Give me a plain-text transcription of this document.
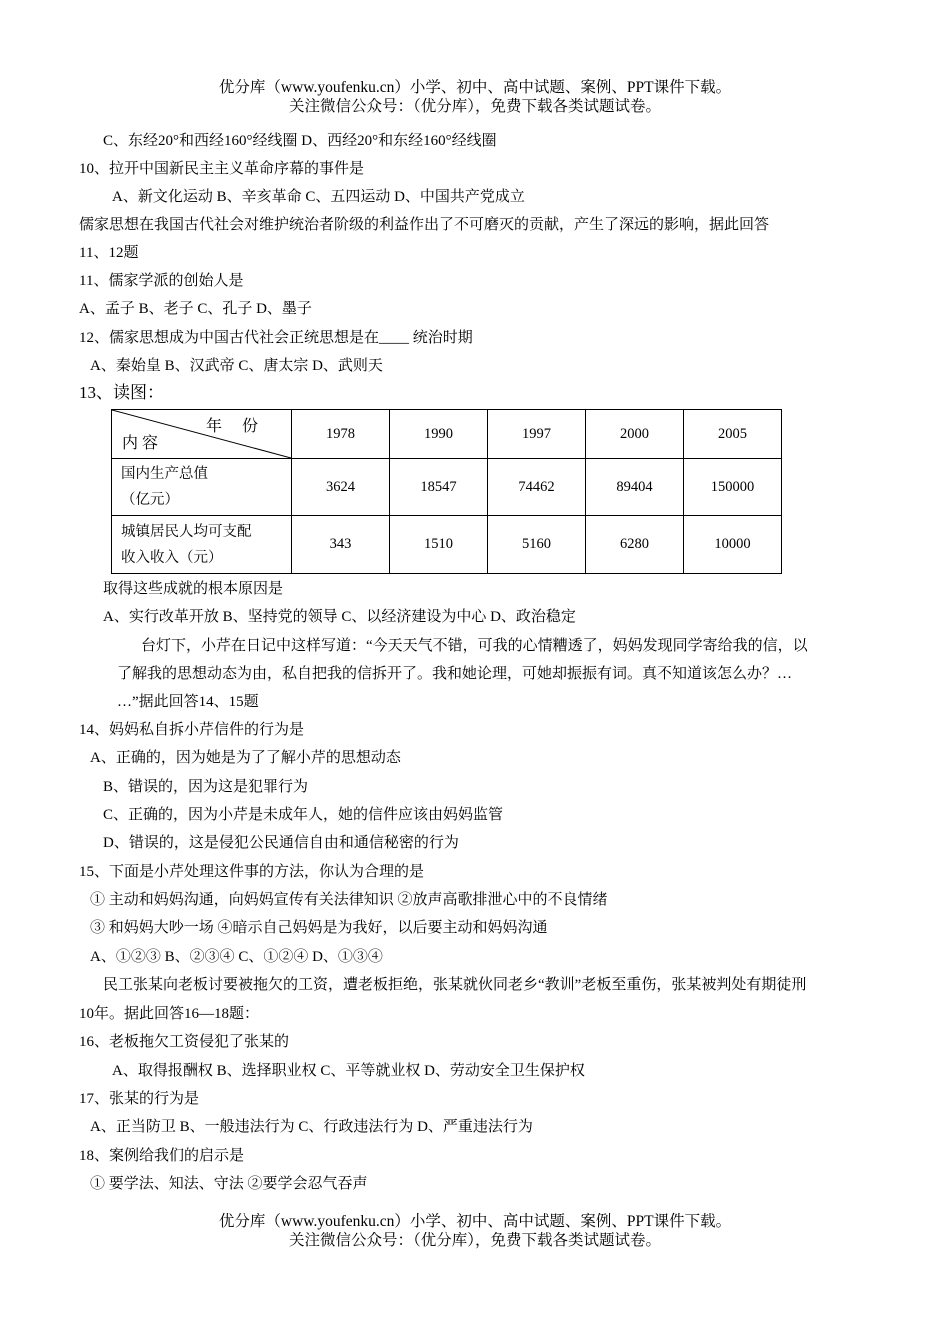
优分库（www.youfenku.cn）小学、初中、高中试题、案例、PPT课件下载。
关注微信公众号：（优分库），免费下载各类试题试卷。
C、东经20°和西经160°经线圈 D、西经20°和东经160°经线圈
10、拉开中国新民主主义革命序幕的事件是
A、新文化运动 B、辛亥革命 C、五四运动 D、中国共产党成立
儒家思想在我国古代社会对维护统治者阶级的利益作出了不可磨灭的贡献，产生了深远的影响，据此回答
11、12题
11、儒家学派的创始人是
A、孟子 B、老子 C、孔子 D、墨子
12、儒家思想成为中国古代社会正统思想是在____ 统治时期
A、秦始皇 B、汉武帝 C、唐太宗 D、武则天
13、读图：
年 份
内 容	1978	1990	1997	2000	2005

国内生产总值
（亿元）	3624	18547	74462	89404	150000

城镇居民人均可支配
收入收入（元）	343	1510	5160	6280	10000
取得这些成就的根本原因是
A、实行改革开放 B、坚持党的领导 C、以经济建设为中心 D、政治稳定
台灯下，小芹在日记中这样写道：“今天天气不错，可我的心情糟透了，妈妈发现同学寄给我的信，以
了解我的思想动态为由，私自把我的信拆开了。我和她论理，可她却振振有词。真不知道该怎么办？…
…”据此回答14、15题
14、妈妈私自拆小芹信件的行为是
A、正确的，因为她是为了了解小芹的思想动态
B、错误的，因为这是犯罪行为
C、正确的，因为小芹是未成年人，她的信件应该由妈妈监管
D、错误的，这是侵犯公民通信自由和通信秘密的行为
15、下面是小芹处理这件事的方法，你认为合理的是
① 主动和妈妈沟通，向妈妈宣传有关法律知识 ②放声高歌排泄心中的不良情绪
③ 和妈妈大吵一场 ④暗示自己妈妈是为我好，以后要主动和妈妈沟通
A、①②③ B、②③④ C、①②④ D、①③④
民工张某向老板讨要被拖欠的工资，遭老板拒绝，张某就伙同老乡“教训”老板至重伤，张某被判处有期徒刑
10年。据此回答16—18题：
16、老板拖欠工资侵犯了张某的
A、取得报酬权 B、选择职业权 C、平等就业权 D、劳动安全卫生保护权
17、张某的行为是
A、正当防卫 B、一般违法行为 C、行政违法行为 D、严重违法行为
18、案例给我们的启示是
① 要学法、知法、守法 ②要学会忍气吞声
优分库（www.youfenku.cn）小学、初中、高中试题、案例、PPT课件下载。
关注微信公众号：（优分库），免费下载各类试题试卷。
